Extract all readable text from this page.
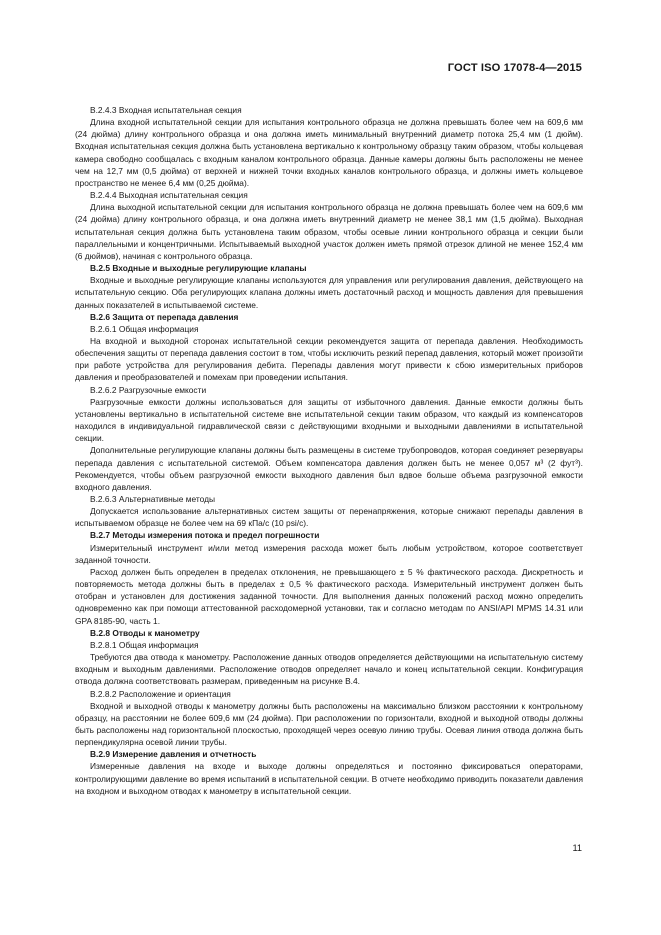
ГОСТ ISO 17078-4—2015

B.2.4.3 Входная испытательная секция

Длина входной испытательной секции для испытания контрольного образца не должна превышать более чем на 609,6 мм (24 дюйма) длину контрольного образца и она должна иметь минимальный внутренний диаметр потока 25,4 мм (1 дюйм). Входная испытательная секция должна быть установлена вертикально к контрольному образцу таким образом, чтобы кольцевая камера свободно сообщалась с входным каналом контрольного образца. Данные камеры должны быть расположены не менее чем на 12,7 мм (0,5 дюйма) от верхней и нижней точки входных каналов контрольного образца, и должны иметь кольцевое пространство не менее 6,4 мм (0,25 дюйма).

B.2.4.4 Выходная испытательная секция

Длина выходной испытательной секции для испытания контрольного образца не должна превышать более чем на 609,6 мм (24 дюйма) длину контрольного образца, и она должна иметь внутренний диаметр не менее 38,1 мм (1,5 дюйма). Выходная испытательная секция должна быть установлена таким образом, чтобы осевые линии контрольного образца и секции были параллельными и концентричными. Испытываемый выходной участок должен иметь прямой отрезок длиной не менее 152,4 мм (6 дюймов), начиная с контрольного образца.

B.2.5 Входные и выходные регулирующие клапаны

Входные и выходные регулирующие клапаны используются для управления или регулирования давления, действующего на испытательную секцию. Оба регулирующих клапана должны иметь достаточный расход и мощность давления для превышения данных показателей в испытываемой системе.

B.2.6 Защита от перепада давления

B.2.6.1 Общая информация

На входной и выходной сторонах испытательной секции рекомендуется защита от перепада давления. Необходимость обеспечения защиты от перепада давления состоит в том, чтобы исключить резкий перепад давления, который может произойти при работе устройства для регулирования дебита. Перепады давления могут привести к сбою измерительных приборов давления и преобразователей и помехам при проведении испытания.

B.2.6.2 Разгрузочные емкости

Разгрузочные емкости должны использоваться для защиты от избыточного давления. Данные емкости должны быть установлены вертикально в испытательной системе вне испытательной секции таким образом, что каждый из компенсаторов находился в индивидуальной гидравлической связи с действующими входными и выходными давлениями в испытательной секции.

Дополнительные регулирующие клапаны должны быть размещены в системе трубопроводов, которая соединяет резервуары перепада давления с испытательной системой. Объем компенсатора давления должен быть не менее 0,057 м³ (2 фут³). Рекомендуется, чтобы объем разгрузочной емкости выходного давления был вдвое больше объема разгрузочной емкости входного давления.

B.2.6.3 Альтернативные методы

Допускается использование альтернативных систем защиты от перенапряжения, которые снижают перепады давления в испытываемом образце не более чем на 69 кПа/с (10 psi/c).

B.2.7 Методы измерения потока и предел погрешности

Измерительный инструмент и/или метод измерения расхода может быть любым устройством, которое соответствует заданной точности.

Расход должен быть определен в пределах отклонения, не превышающего ± 5 % фактического расхода. Дискретность и повторяемость метода должны быть в пределах ± 0,5 % фактического расхода. Измерительный инструмент должен быть отобран и установлен для достижения заданной точности. Для выполнения данных положений расход можно определить одновременно как при помощи аттестованной расходомерной установки, так и согласно методам по ANSI/API MPMS 14.31 или GPA 8185-90, часть 1.

B.2.8 Отводы к манометру

B.2.8.1 Общая информация

Требуются два отвода к манометру. Расположение данных отводов определяется действующими на испытательную систему входным и выходным давлениями. Расположение отводов определяет начало и конец испытательной секции. Конфигурация отвода должна соответствовать размерам, приведенным на рисунке B.4.

B.2.8.2 Расположение и ориентация

Входной и выходной отводы к манометру должны быть расположены на максимально близком расстоянии к контрольному образцу, на расстоянии не более 609,6 мм (24 дюйма). При расположении по горизонтали, входной и выходной отводы должны быть расположены над горизонтальной плоскостью, проходящей через осевую линию трубы. Осевая линия отвода должна быть перпендикулярна осевой линии трубы.

B.2.9 Измерение давления и отчетность

Измеренные давления на входе и выходе должны определяться и постоянно фиксироваться операторами, контролирующими давление во время испытаний в испытательной секции. В отчете необходимо приводить показатели давления на входном и выходном отводах к манометру в испытательной секции.

11
